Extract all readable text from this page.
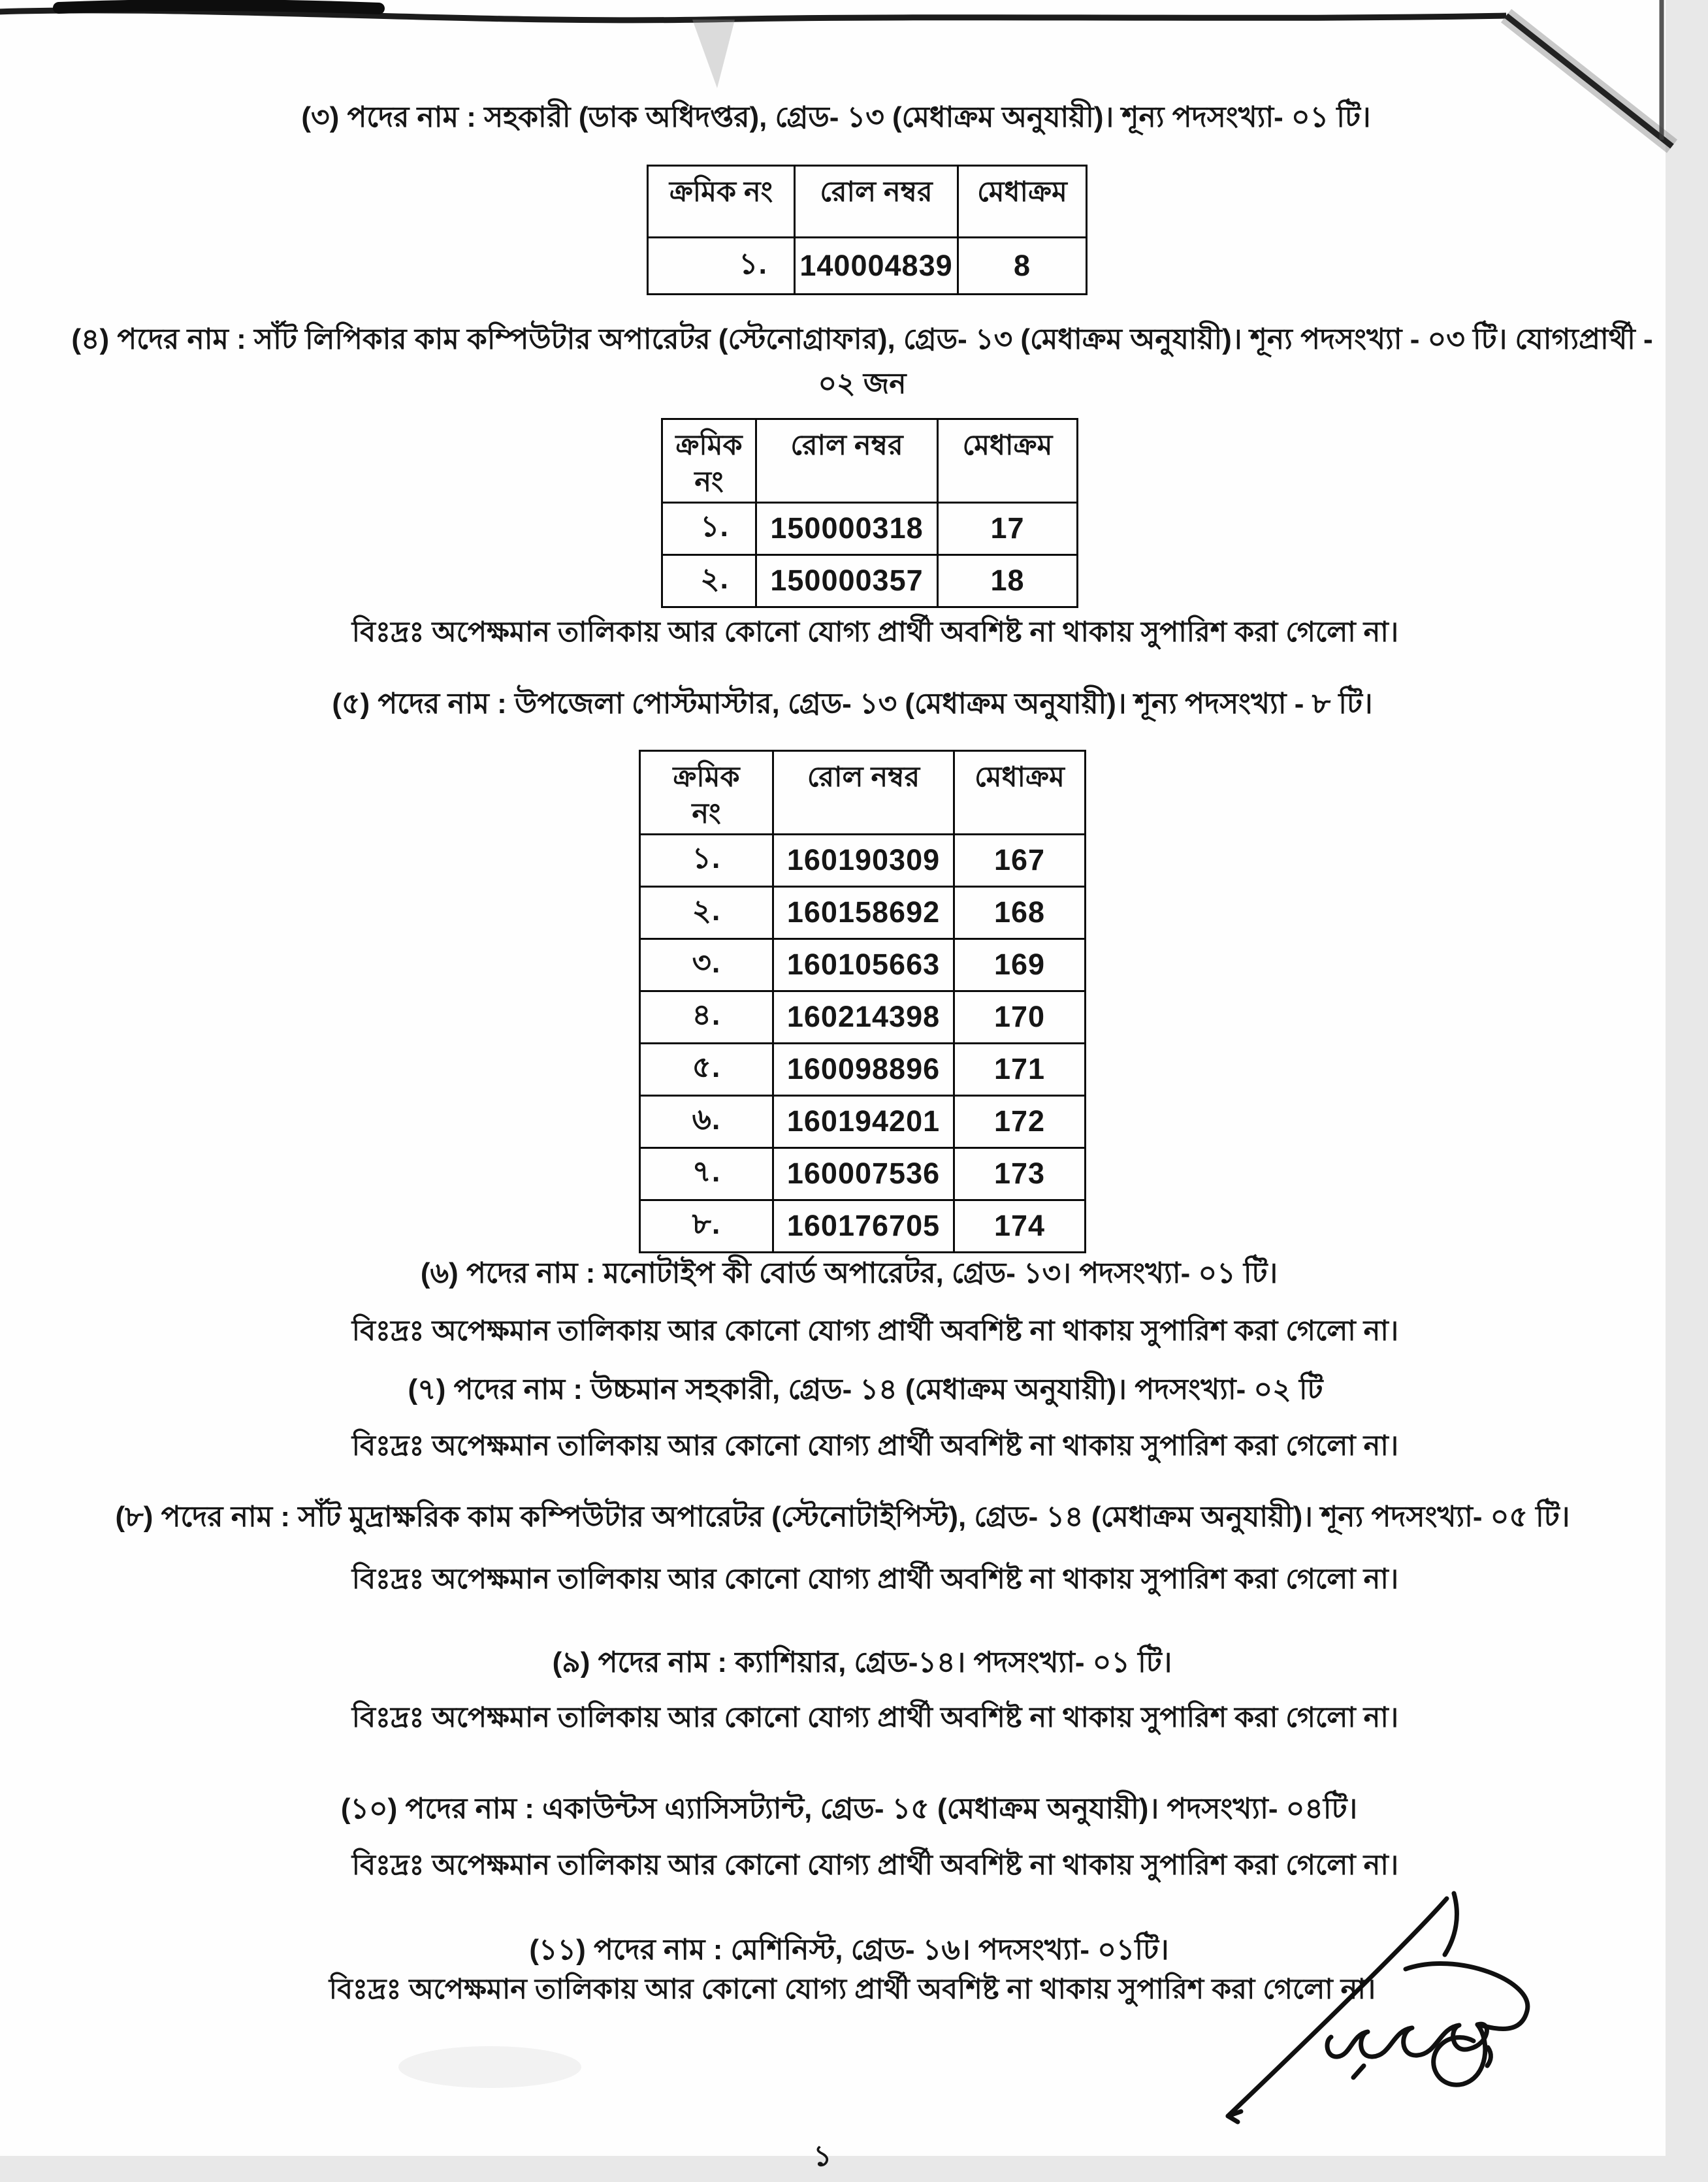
(৩) পদের নাম : সহকারী (ডাক অধিদপ্তর), গ্রেড- ১৩ (মেধাক্রম অনুযায়ী)। শূন্য পদসংখ্যা- ০১ টি।
ক্রমিক নং	রোল নম্বর	মেধাক্রম
১.	140004839	8
(৪) পদের নাম : সাঁট লিপিকার কাম কম্পিউটার অপারেটর (স্টেনোগ্রাফার), গ্রেড- ১৩ (মেধাক্রম অনুযায়ী)। শূন্য পদসংখ্যা - ০৩ টি। যোগ্যপ্রার্থী -
০২ জন
ক্রমিক নং	রোল নম্বর	মেধাক্রম
১.	150000318	17
২.	150000357	18
বিঃদ্রঃ অপেক্ষমান তালিকায় আর কোনো যোগ্য প্রার্থী অবশিষ্ট না থাকায় সুপারিশ করা গেলো না।
(৫) পদের নাম : উপজেলা পোস্টমাস্টার, গ্রেড- ১৩ (মেধাক্রম অনুযায়ী)। শূন্য পদসংখ্যা - ৮ টি।
ক্রমিক নং	রোল নম্বর	মেধাক্রম
১.	160190309	167
২.	160158692	168
৩.	160105663	169
৪.	160214398	170
৫.	160098896	171
৬.	160194201	172
৭.	160007536	173
৮.	160176705	174
(৬) পদের নাম : মনোটাইপ কী বোর্ড অপারেটর, গ্রেড- ১৩। পদসংখ্যা- ০১ টি।
বিঃদ্রঃ অপেক্ষমান তালিকায় আর কোনো যোগ্য প্রার্থী অবশিষ্ট না থাকায় সুপারিশ করা গেলো না।
(৭) পদের নাম : উচ্চমান সহকারী, গ্রেড- ১৪ (মেধাক্রম অনুযায়ী)। পদসংখ্যা- ০২ টি
বিঃদ্রঃ অপেক্ষমান তালিকায় আর কোনো যোগ্য প্রার্থী অবশিষ্ট না থাকায় সুপারিশ করা গেলো না।
(৮) পদের নাম : সাঁট মুদ্রাক্ষরিক কাম কম্পিউটার অপারেটর (স্টেনোটাইপিস্ট), গ্রেড- ১৪ (মেধাক্রম অনুযায়ী)। শূন্য পদসংখ্যা- ০৫ টি।
বিঃদ্রঃ অপেক্ষমান তালিকায় আর কোনো যোগ্য প্রার্থী অবশিষ্ট না থাকায় সুপারিশ করা গেলো না।
(৯) পদের নাম : ক্যাশিয়ার, গ্রেড-১৪। পদসংখ্যা- ০১ টি।
বিঃদ্রঃ অপেক্ষমান তালিকায় আর কোনো যোগ্য প্রার্থী অবশিষ্ট না থাকায় সুপারিশ করা গেলো না।
(১০) পদের নাম : একাউন্টস এ্যাসিসট্যান্ট, গ্রেড- ১৫ (মেধাক্রম অনুযায়ী)। পদসংখ্যা- ০৪টি।
বিঃদ্রঃ অপেক্ষমান তালিকায় আর কোনো যোগ্য প্রার্থী অবশিষ্ট না থাকায় সুপারিশ করা গেলো না।
(১১) পদের নাম : মেশিনিস্ট, গ্রেড- ১৬। পদসংখ্যা- ০১টি।
বিঃদ্রঃ অপেক্ষমান তালিকায় আর কোনো যোগ্য প্রার্থী অবশিষ্ট না থাকায় সুপারিশ করা গেলো না।
১
